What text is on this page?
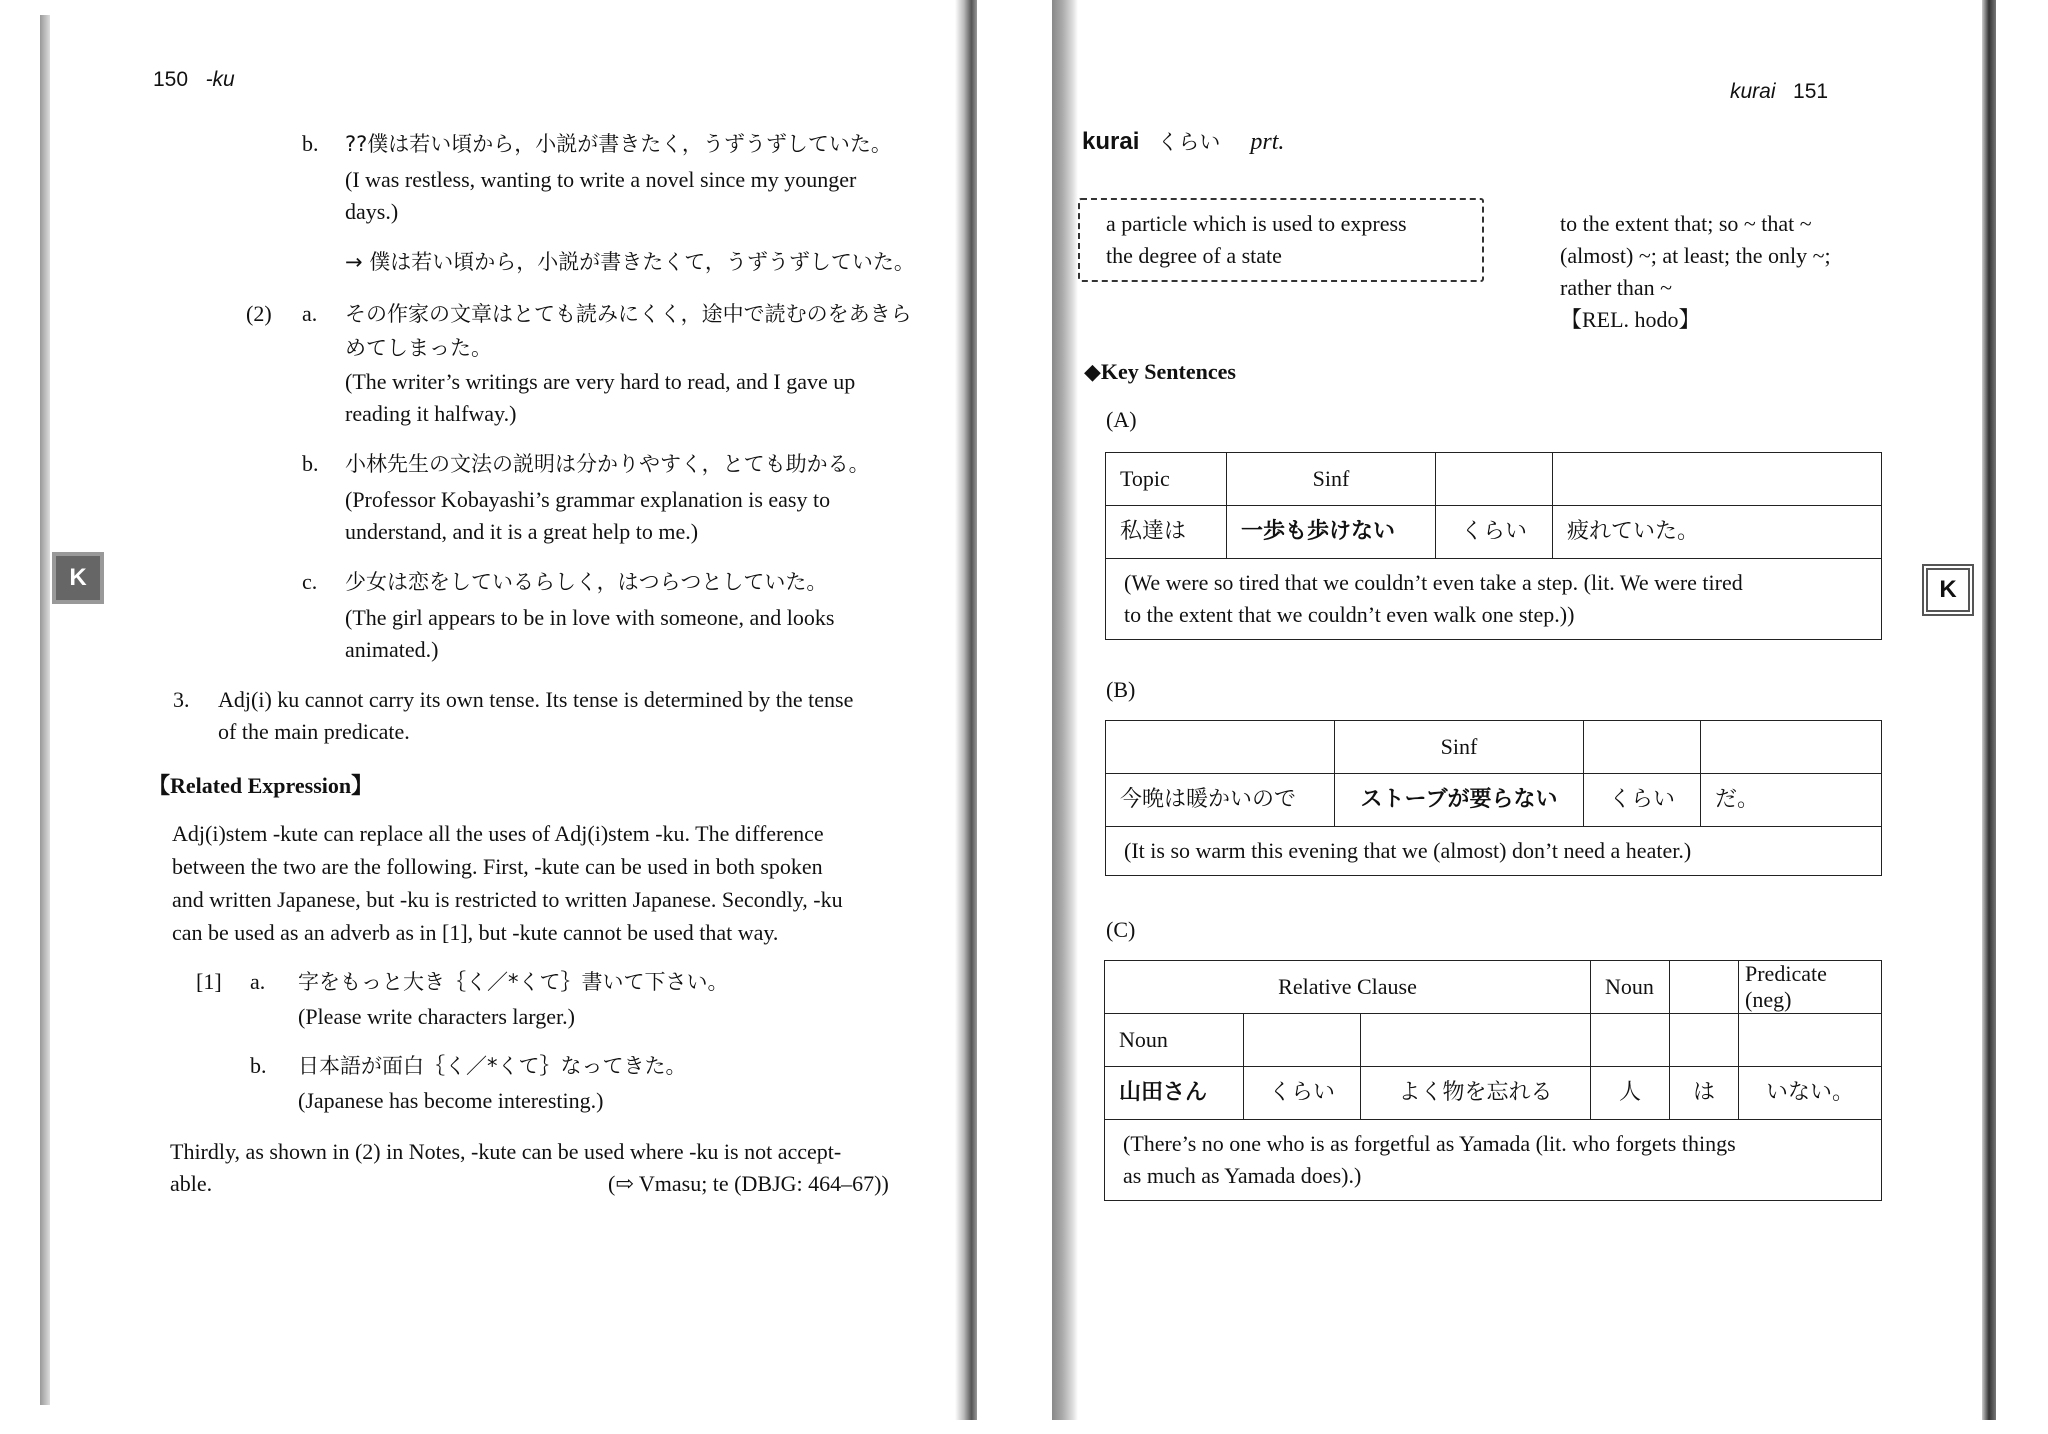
150 -ku
b. ??僕は若い頃から，小説が書きたく，うずうずしていた。
(I was restless, wanting to write a novel since my younger
days.)
→ 僕は若い頃から，小説が書きたくて，うずうずしていた。
(2) a. その作家の文章はとても読みにくく，途中で読むのをあきら
めてしまった。
(The writer’s writings are very hard to read, and I gave up
reading it halfway.)
b. 小林先生の文法の説明は分かりやすく，とても助かる。
(Professor Kobayashi’s grammar explanation is easy to
understand, and it is a great help to me.)
c. 少女は恋をしているらしく，はつらつとしていた。
(The girl appears to be in love with someone, and looks
animated.)
3. Adj(i) ku cannot carry its own tense. Its tense is determined by the tense
of the main predicate.
【Related Expression】
Adj(i)stem -kute can replace all the uses of Adj(i)stem -ku. The difference
between the two are the following. First, -kute can be used in both spoken
and written Japanese, but -ku is restricted to written Japanese. Secondly, -ku
can be used as an adverb as in [1], but -kute cannot be used that way.
[1] a. 字をもっと大き｛く／*くて｝書いて下さい。
(Please write characters larger.)
b. 日本語が面白｛く／*くて｝なってきた。
(Japanese has become interesting.)
Thirdly, as shown in (2) in Notes, -kute can be used where -ku is not accept-
able.	(⇨ Vmasu; te (DBJG: 464–67))
K
kurai 151
kurai くらい prt.
a particle which is used to express
the degree of a state
to the extent that; so ~ that ~
(almost) ~; at least; the only ~;
rather than ~
【REL. hodo】
◆Key Sentences
(A)
Topic	Sinf		
私達は	一歩も歩けない	くらい	疲れていた。

(We were so tired that we couldn’t even take a step. (lit. We were tired
to the extent that we couldn’t even walk one step.))			
(B)
	Sinf		
今晩は暖かいので	ストーブが要らない	くらい	だ。

(It is so warm this evening that we (almost) don’t need a heater.)			
(C)
Relative Clause			Noun		Predicate (neg)
Noun					
山田さん	くらい	よく物を忘れる	人	は	いない。

(There’s no one who is as forgetful as Yamada (lit. who forgets things
as much as Yamada does).)					
K
